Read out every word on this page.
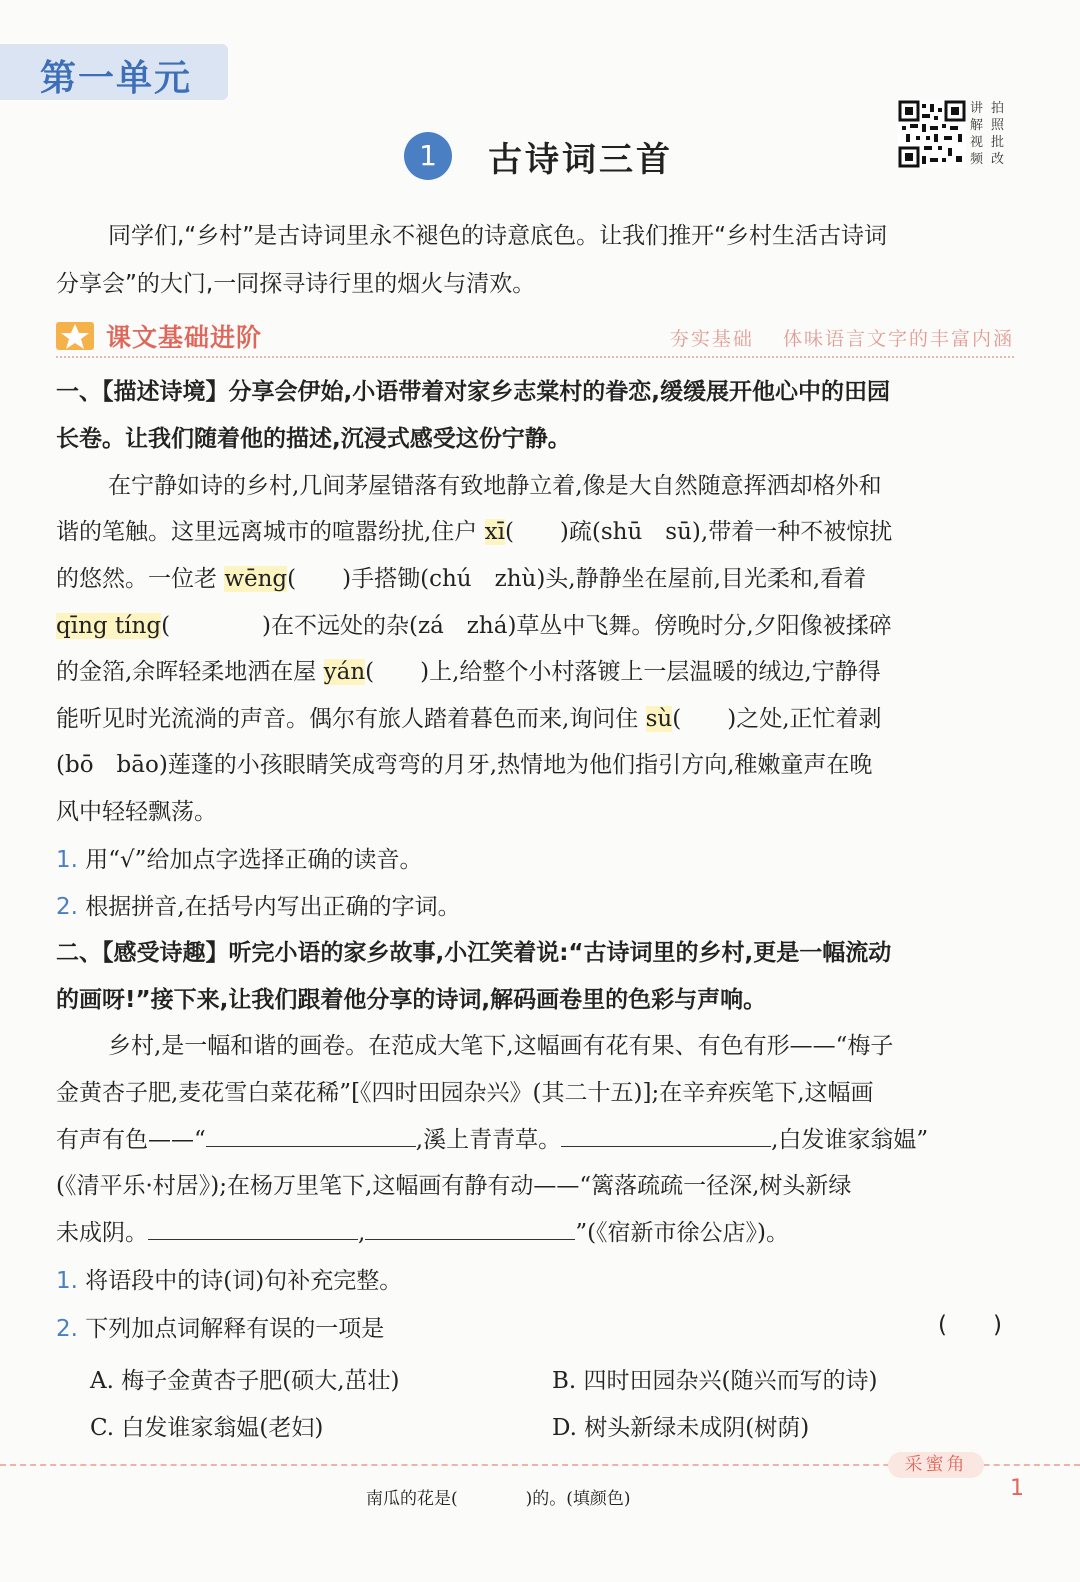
第一单元
1	古诗词三首
讲 拍
解 照
视 批
频 改
同学们,“乡村”是古诗词里永不褪色的诗意底色。让我们推开“乡村生活古诗词
分享会”的大门,一同探寻诗行里的烟火与清欢。
课文基础进阶	夯实基础　 体味语言文字的丰富内涵
一、【描述诗境】分享会伊始,小语带着对家乡志棠村的眷恋,缓缓展开他心中的田园
长卷。让我们随着他的描述,沉浸式感受这份宁静。
在宁静如诗的乡村,几间茅屋错落有致地静立着,像是大自然随意挥洒却格外和
谐的笔触。这里远离城市的喧嚣纷扰,住户 xī(　　)疏(shū　sū),带着一种不被惊扰
的悠然。一位老 wēng(　　)手搭锄(chú　zhù)头,静静坐在屋前,目光柔和,看着
qīng tíng(　　　　)在不远处的杂(zá　zhá)草丛中飞舞。傍晚时分,夕阳像被揉碎
的金箔,余晖轻柔地洒在屋 yán(　　)上,给整个小村落镀上一层温暖的绒边,宁静得
能听见时光流淌的声音。偶尔有旅人踏着暮色而来,询问住 sù(　　)之处,正忙着剥
(bō　bāo)莲蓬的小孩眼睛笑成弯弯的月牙,热情地为他们指引方向,稚嫩童声在晚
风中轻轻飘荡。
1. 用“√”给加点字选择正确的读音。
2. 根据拼音,在括号内写出正确的字词。
二、【感受诗趣】听完小语的家乡故事,小江笑着说:“古诗词里的乡村,更是一幅流动
的画呀!”接下来,让我们跟着他分享的诗词,解码画卷里的色彩与声响。
乡村,是一幅和谐的画卷。在范成大笔下,这幅画有花有果、有色有形——“梅子
金黄杏子肥,麦花雪白菜花稀”[《四时田园杂兴》(其二十五)];在辛弃疾笔下,这幅画
有声有色——“	,溪上青青草。	,白发谁家翁媪”
(《清平乐·村居》);在杨万里笔下,这幅画有静有动——“篱落疏疏一径深,树头新绿
未成阴。	,	”(《宿新市徐公店》)。
1. 将语段中的诗(词)句补充完整。
2. 下列加点词解释有误的一项是	(　　)
A. 梅子金黄杏子肥(硕大,茁壮)	B. 四时田园杂兴(随兴而写的诗)
C. 白发谁家翁媪(老妇)	D. 树头新绿未成阴(树荫)
采蜜角
南瓜的花是(　　　　)的。(填颜色)	1
